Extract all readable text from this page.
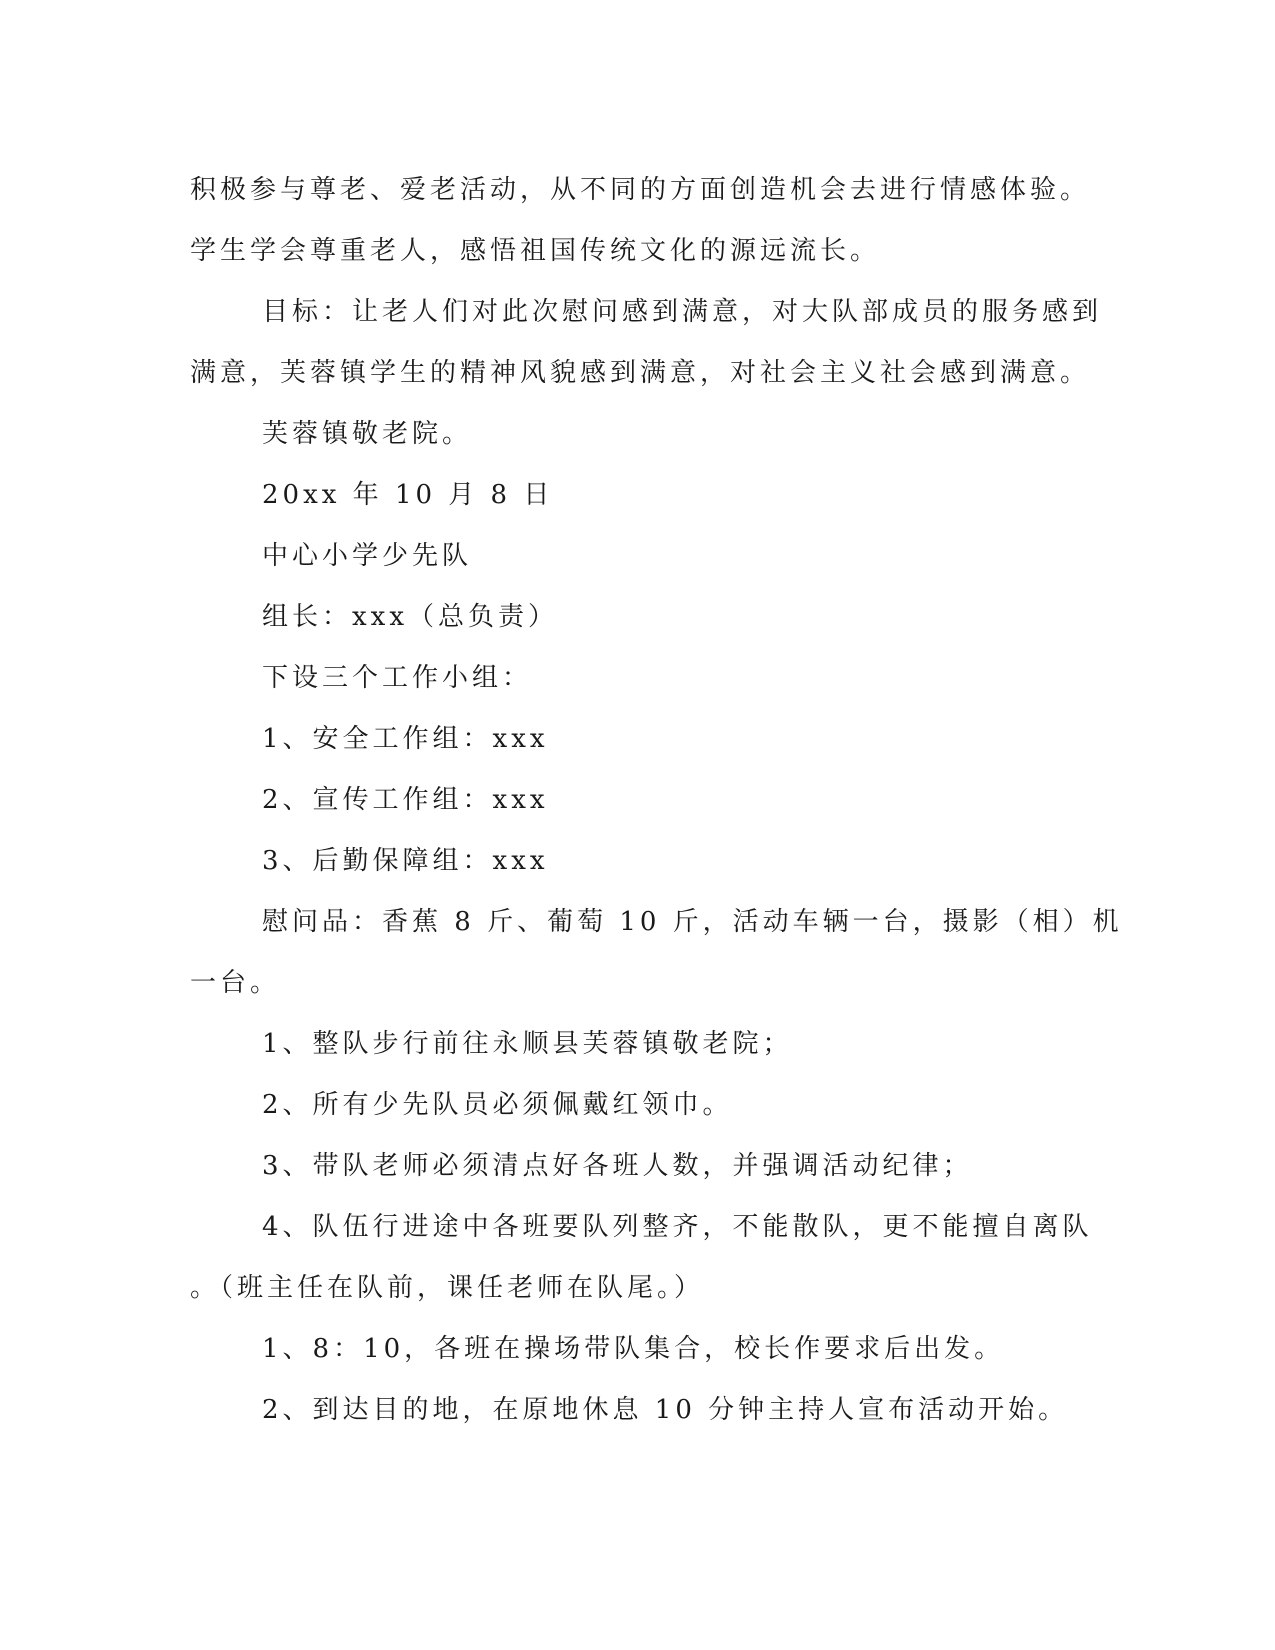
积极参与尊老、爱老活动，从不同的方面创造机会去进行情感体验。
学生学会尊重老人，感悟祖国传统文化的源远流长。
目标：让老人们对此次慰问感到满意，对大队部成员的服务感到
满意，芙蓉镇学生的精神风貌感到满意，对社会主义社会感到满意。
芙蓉镇敬老院。
20xx 年 10 月 8 日
中心小学少先队
组长：xxx（总负责）
下设三个工作小组：
1、安全工作组：xxx
2、宣传工作组：xxx
3、后勤保障组：xxx
慰问品：香蕉 8 斤、葡萄 10 斤，活动车辆一台，摄影（相）机
一台。
1、整队步行前往永顺县芙蓉镇敬老院；
2、所有少先队员必须佩戴红领巾。
3、带队老师必须清点好各班人数，并强调活动纪律；
4、队伍行进途中各班要队列整齐，不能散队，更不能擅自离队
。（班主任在队前，课任老师在队尾。）
1、8：10，各班在操场带队集合，校长作要求后出发。
2、到达目的地，在原地休息 10 分钟主持人宣布活动开始。
